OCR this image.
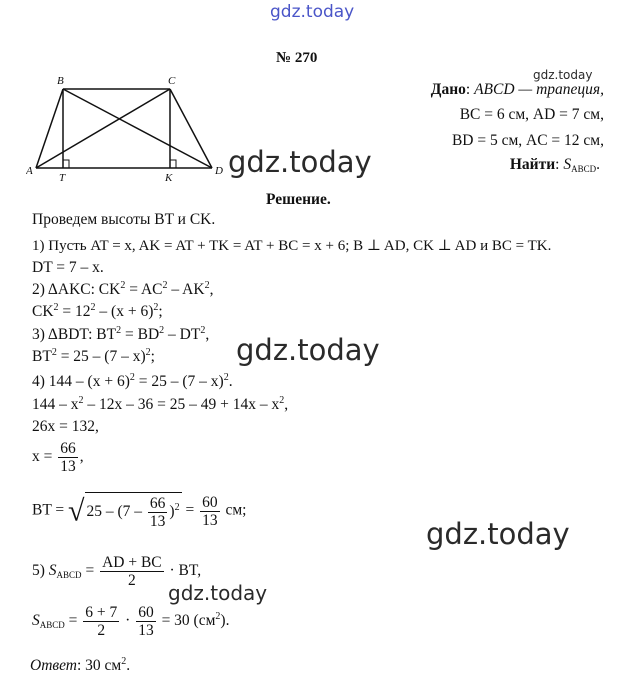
gdz.today
№ 270
gdz.today
A
B	C
D
T	K
Дано: ABCD — трапеция,
BC = 6 см, AD = 7 см,
BD = 5 см, AC = 12 см,
Найти: $S_{ABCD}$.
gdz.today
Решение.
Проведем высоты BT и CK.
1) Пусть AT = x, AK = AT + TK = AT + BC = x + 6; B ⊥ AD, CK ⊥ AD и BC = TK.
DT = 7 – x.
2) ΔAKC: $CK^2 = AC^2 - AK^2$,
$CK^2 = 12^2 - (x + 6)^2$;
3) ΔBDT: $BT^2 = BD^2 - DT^2$,
$BT^2 = 25 - (7 - x)^2$;	gdz.today
4) $144 - (x + 6)^2 = 25 - (7 - x)^2$.
$144 - x^2 - 12x - 36 = 25 - 49 + 14x - x^2$,
26x = 132,
$x = \frac{66}{13}$ ,
BT = √ $25 - (7 - \frac{66}{13} )^2 = \frac{60}{13}$ см;
gdz.today
5) $S_{ABCD} = \frac{AD + BC}{2}$ · BT,
gdz.today
$S_{ABCD} = \frac{6 + 7}{2} \cdot \frac{60}{13} = 30$ $(см^2)$.
Ответ: 30 $см^2$.
